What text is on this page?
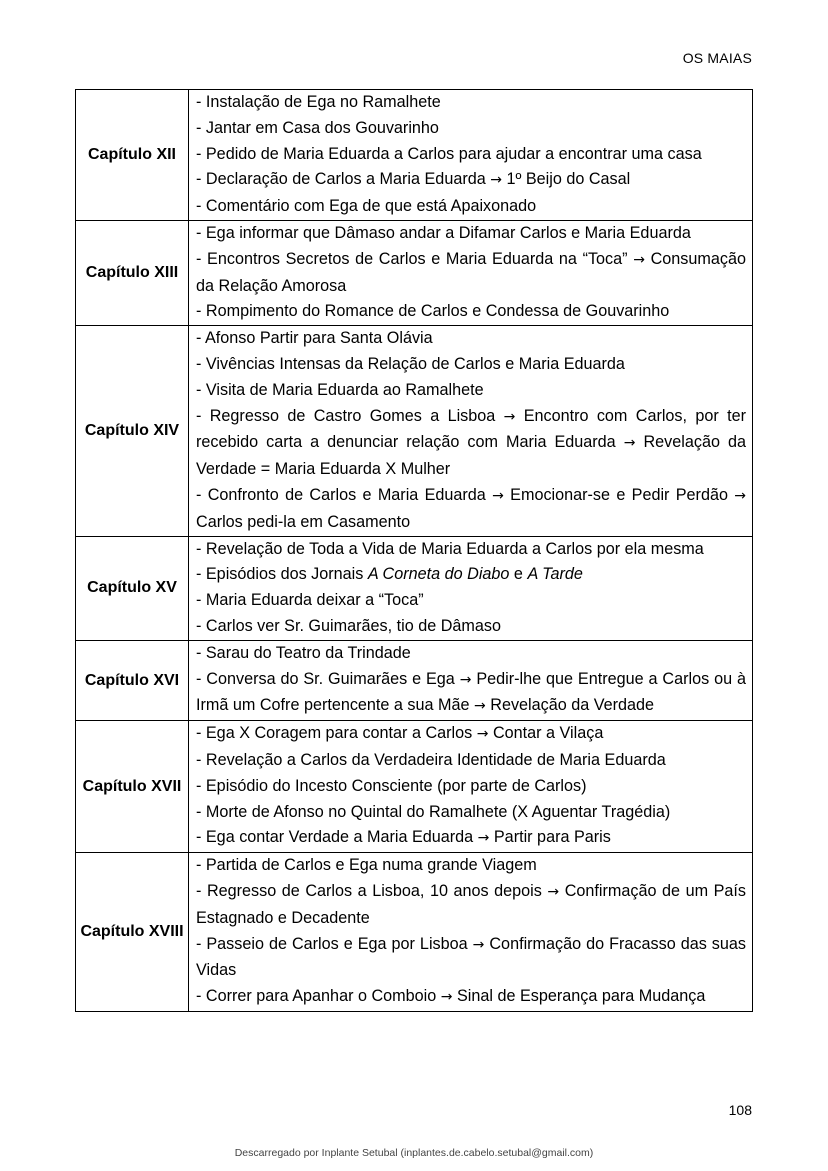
OS MAIAS
Capítulo XII	- Instalação de Ega no Ramalhete
- Jantar em Casa dos Gouvarinho
- Pedido de Maria Eduarda a Carlos para ajudar a encontrar uma casa
- Declaração de Carlos a Maria Eduarda → 1º Beijo do Casal
- Comentário com Ega de que está Apaixonado

Capítulo XIII	- Ega informar que Dâmaso andar a Difamar Carlos e Maria Eduarda
- Encontros Secretos de Carlos e Maria Eduarda na “Toca” → Consumação da Relação Amorosa
- Rompimento do Romance de Carlos e Condessa de Gouvarinho

Capítulo XIV	- Afonso Partir para Santa Olávia
- Vivências Intensas da Relação de Carlos e Maria Eduarda
- Visita de Maria Eduarda ao Ramalhete
- Regresso de Castro Gomes a Lisboa → Encontro com Carlos, por ter recebido carta a denunciar relação com Maria Eduarda → Revelação da Verdade = Maria Eduarda X Mulher
- Confronto de Carlos e Maria Eduarda → Emocionar-se e Pedir Perdão → Carlos pedi-la em Casamento

Capítulo XV	- Revelação de Toda a Vida de Maria Eduarda a Carlos por ela mesma
- Episódios dos Jornais A Corneta do Diabo e A Tarde
- Maria Eduarda deixar a “Toca”
- Carlos ver Sr. Guimarães, tio de Dâmaso

Capítulo XVI	- Sarau do Teatro da Trindade
- Conversa do Sr. Guimarães e Ega → Pedir-lhe que Entregue a Carlos ou à Irmã um Cofre pertencente a sua Mãe → Revelação da Verdade

Capítulo XVII	- Ega X Coragem para contar a Carlos → Contar a Vilaça
- Revelação a Carlos da Verdadeira Identidade de Maria Eduarda
- Episódio do Incesto Consciente (por parte de Carlos)
- Morte de Afonso no Quintal do Ramalhete (X Aguentar Tragédia)
- Ega contar Verdade a Maria Eduarda → Partir para Paris

Capítulo XVIII	- Partida de Carlos e Ega numa grande Viagem
- Regresso de Carlos a Lisboa, 10 anos depois → Confirmação de um País Estagnado e Decadente
- Passeio de Carlos e Ega por Lisboa → Confirmação do Fracasso das suas Vidas
- Correr para Apanhar o Comboio → Sinal de Esperança para Mudança
108
Descarregado por Inplante Setubal (inplantes.de.cabelo.setubal@gmail.com)
